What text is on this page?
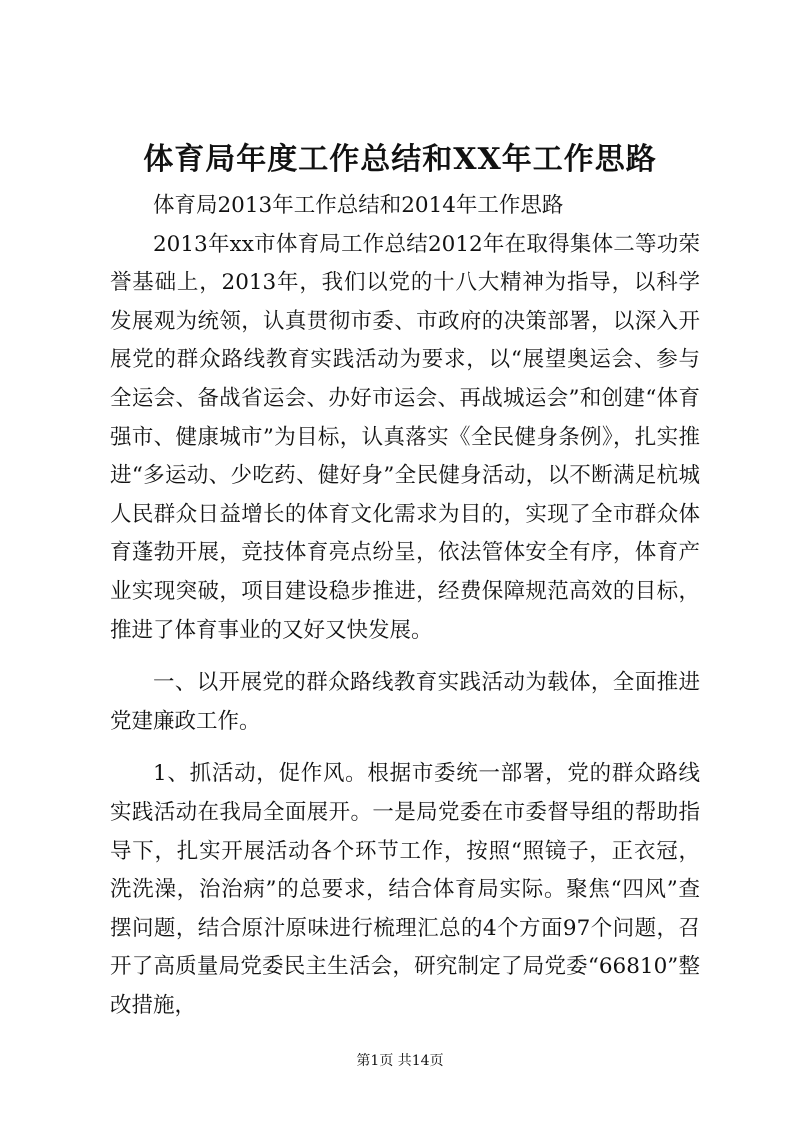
体育局年度工作总结和XX年工作思路

体育局2013年工作总结和2014年工作思路

2013年xx市体育局工作总结2012年在取得集体二等功荣誉基础上，2013年，我们以党的十八大精神为指导，以科学发展观为统领，认真贯彻市委、市政府的决策部署，以深入开展党的群众路线教育实践活动为要求，以“展望奥运会、参与全运会、备战省运会、办好市运会、再战城运会”和创建“体育强市、健康城市”为目标，认真落实《全民健身条例》，扎实推进“多运动、少吃药、健好身”全民健身活动，以不断满足杭城人民群众日益增长的体育文化需求为目的，实现了全市群众体育蓬勃开展，竞技体育亮点纷呈，依法管体安全有序，体育产业实现突破，项目建设稳步推进，经费保障规范高效的目标，推进了体育事业的又好又快发展。

一、以开展党的群众路线教育实践活动为载体，全面推进党建廉政工作。

1、抓活动，促作风。根据市委统一部署，党的群众路线实践活动在我局全面展开。一是局党委在市委督导组的帮助指导下，扎实开展活动各个环节工作，按照“照镜子，正衣冠，洗洗澡，治治病”的总要求，结合体育局实际。聚焦“四风”查摆问题，结合原汁原味进行梳理汇总的4个方面97个问题，召开了高质量局党委民主生活会，研究制定了局党委“66810”整改措施，

第1页 共14页
